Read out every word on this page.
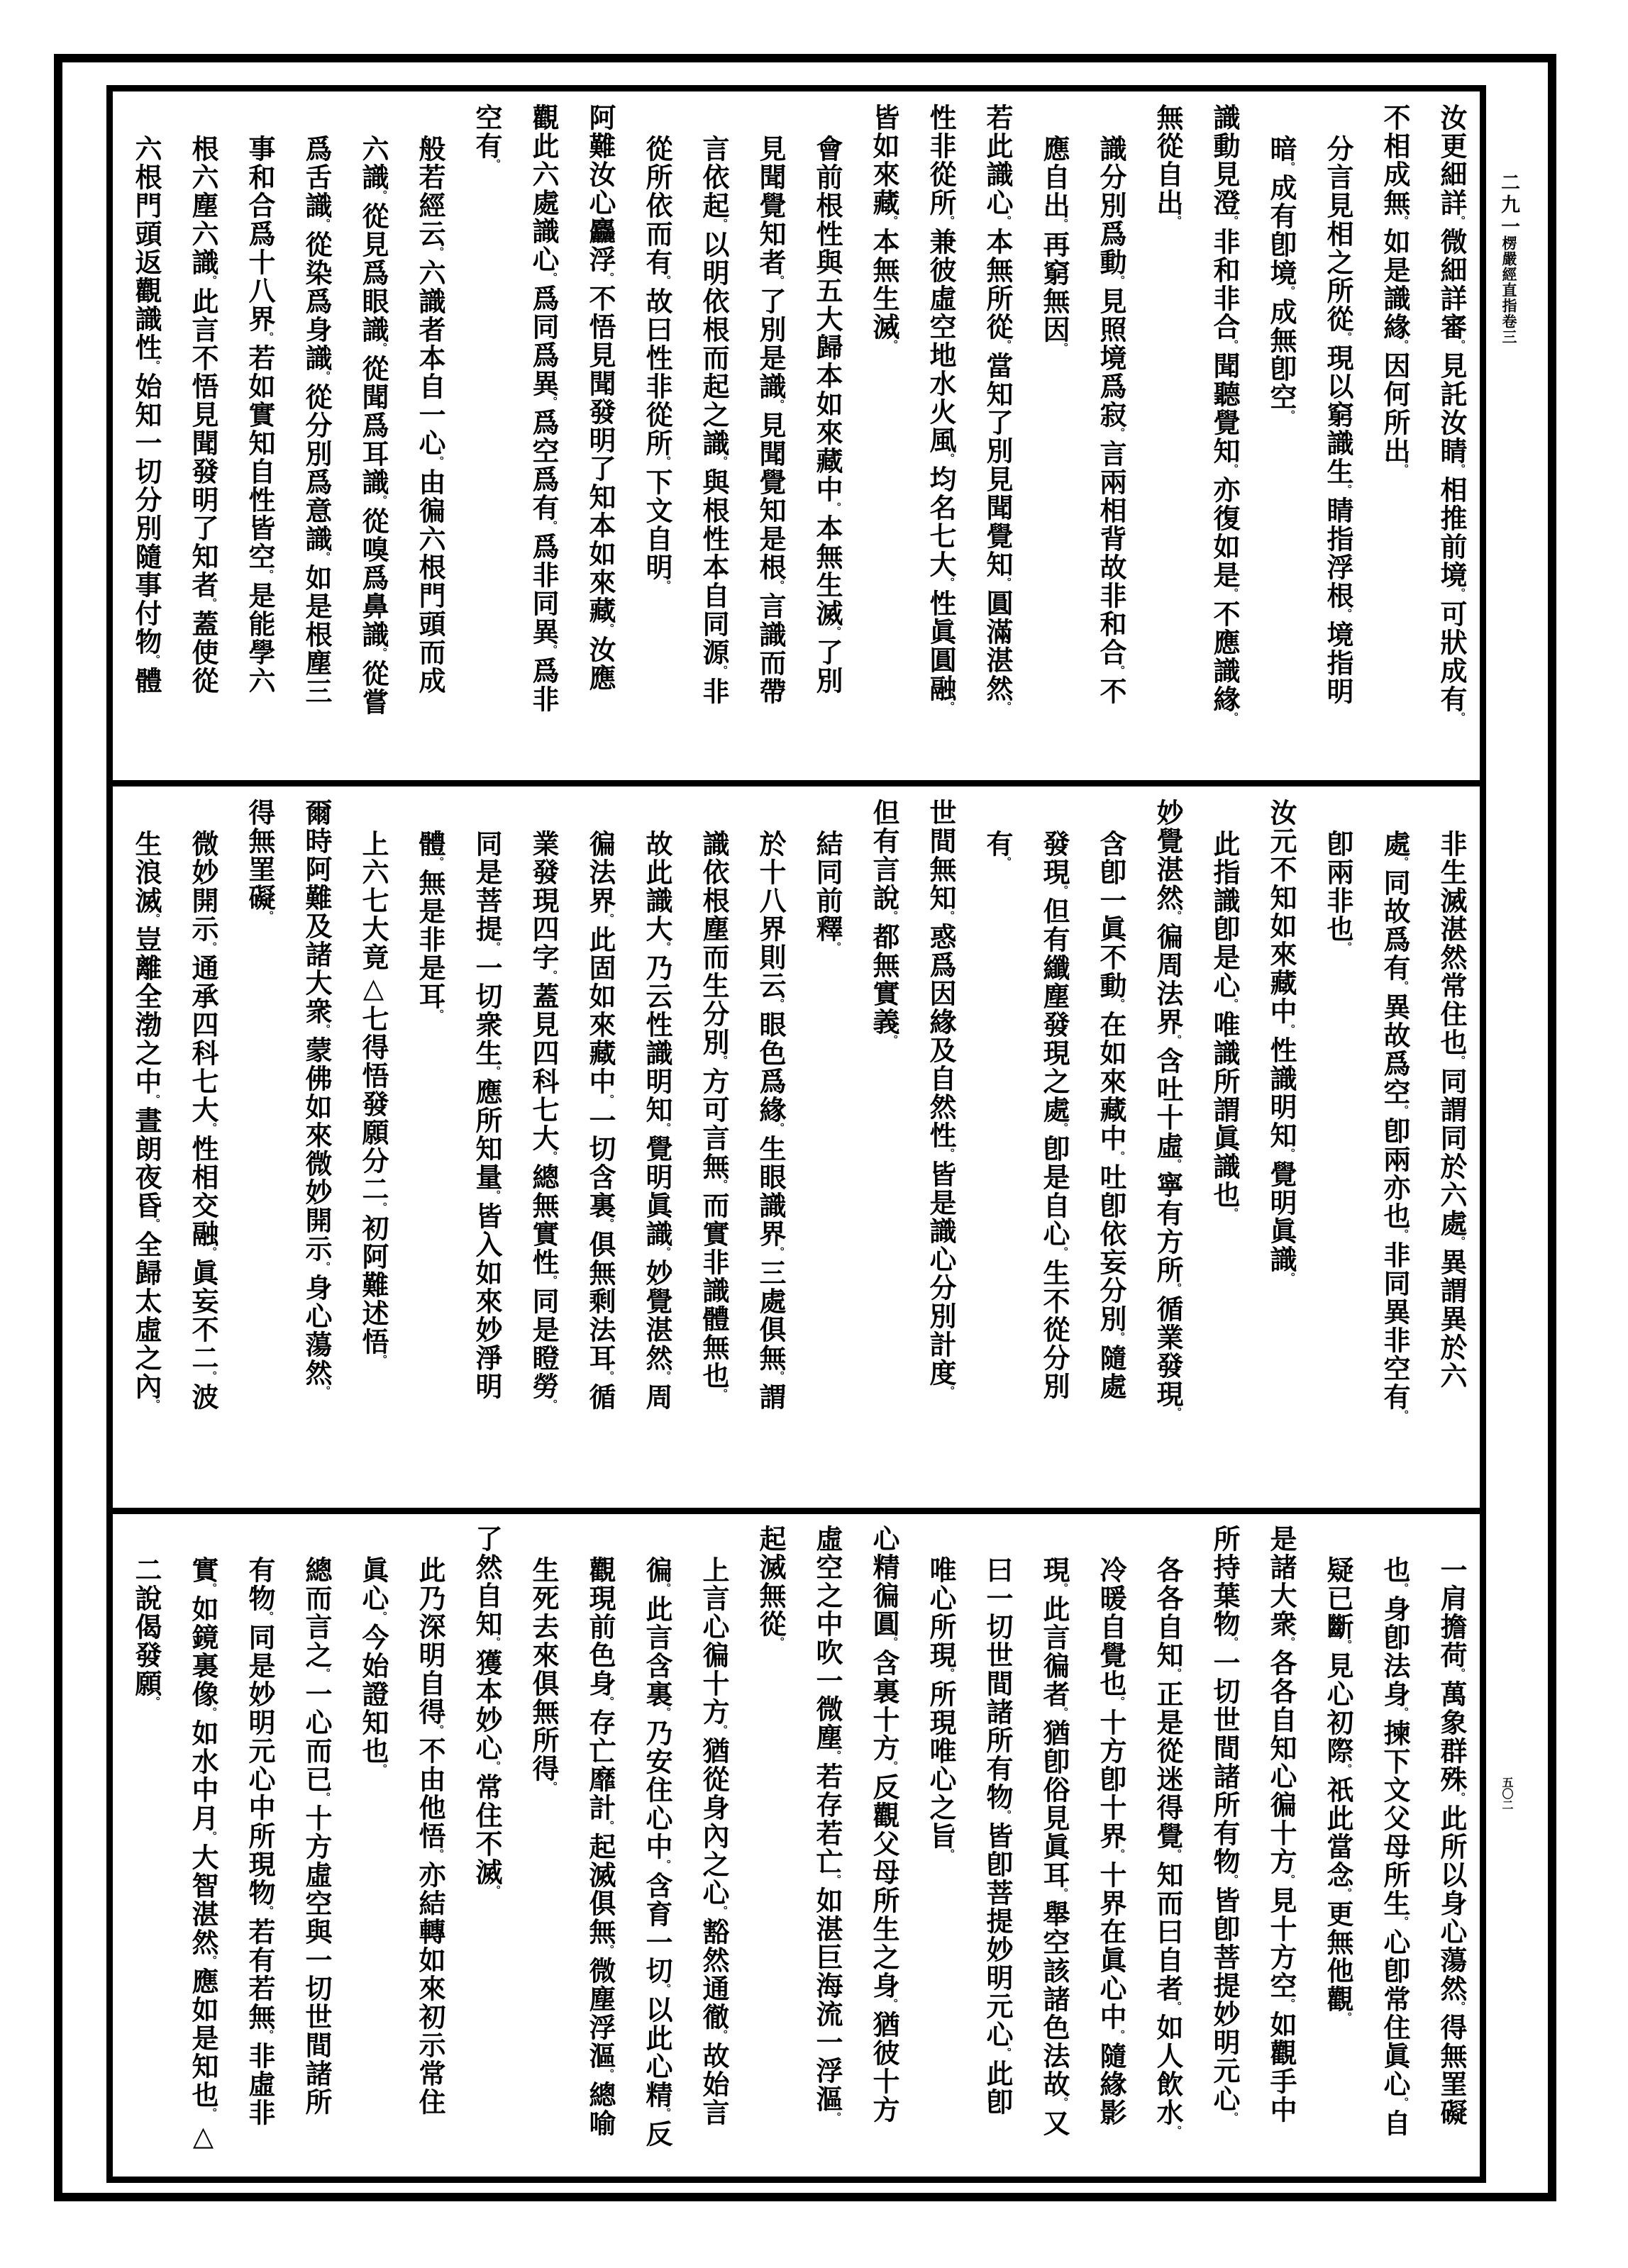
汝更細詳。微細詳審。見託汝睛。相推前境。可狀成有。
不相成無。如是識緣。因何所出。
分言見相之所從。現以窮識生。睛指浮根。境指明
暗。成有卽境。成無卽空。
識動見澄。非和非合。聞聽覺知。亦復如是。不應識緣。
無從自出。
識分別爲動。見照境爲寂。言兩相背故非和合。不
應自出。再窮無因。
若此識心。本無所從。當知了別見聞覺知。圓滿湛然。
性非從所。兼彼虛空地水火風。均名七大。性眞圓融。
皆如來藏。本無生滅。
會前根性與五大歸本如來藏中。本無生滅。了別
見聞覺知者。了別是識。見聞覺知是根。言識而帶
言依起。以明依根而起之識。與根性本自同源。非
從所依而有。故曰性非從所。下文自明。
阿難汝心麤浮。不悟見聞發明了知本如來藏。汝應
觀此六處識心。爲同爲異。爲空爲有。爲非同異。爲非
空有。
般若經云。六識者本自一心。由徧六根門頭而成
六識。從見爲眼識。從聞爲耳識。從嗅爲鼻識。從嘗
爲舌識。從染爲身識。從分別爲意識。如是根塵三
事和合爲十八界。若如實知自性皆空。是能學六
根六塵六識。此言不悟見聞發明了知者。蓋使從
六根門頭返觀識性。始知一切分別隨事付物。體
非生滅湛然常住也。同謂同於六處。異謂異於六
處。同故爲有。異故爲空。卽兩亦也。非同異非空有。
卽兩非也。
汝元不知如來藏中。性識明知。覺明眞識。
此指識卽是心。唯識所謂眞識也。
妙覺湛然。徧周法界。含吐十虛。寧有方所。循業發現。
含卽一眞不動。在如來藏中。吐卽依妄分別。隨處
發現。但有纖塵發現之處。卽是自心。生不從分別
有。
世間無知。惑爲因緣及自然性。皆是識心分別計度。
但有言說。都無實義。
結同前釋。
於十八界則云。眼色爲緣。生眼識界。三處俱無。謂
識依根塵而生分別。方可言無。而實非識體無也。
故此識大。乃云性識明知。覺明眞識。妙覺湛然。周
徧法界。此固如來藏中。一切含裏。俱無剩法耳。循
業發現四字。蓋見四科七大。總無實性。同是瞪勞。
同是菩提。一切衆生。應所知量。皆入如來妙淨明
體。無是非是耳。
上六七大竟△七得悟發願分二。初阿難述悟。
爾時阿難及諸大衆。蒙佛如來微妙開示。身心蕩然。
得無罣礙。
微妙開示。通承四科七大。性相交融。眞妄不二。波
生浪滅。豈離全渤之中。晝朗夜昏。全歸太虛之內。
一肩擔荷。萬象群殊。此所以身心蕩然。得無罣礙
也。身卽法身。揀下文父母所生。心卽常住眞心。自
疑已斷。見心初際。祇此當念。更無他觀。
是諸大衆。各各自知心徧十方。見十方空。如觀手中
所持葉物。一切世間諸所有物。皆卽菩提妙明元心。
各各自知。正是從迷得覺。知而曰自者。如人飲水。
冷暖自覺也。十方卽十界。十界在眞心中。隨緣影
現。此言徧者。猶卽俗見眞耳。舉空該諸色法故。又
曰一切世間諸所有物。皆卽菩提妙明元心。此卽
唯心所現。所現唯心之旨。
心精徧圓。含裏十方。反觀父母所生之身。猶彼十方
虛空之中吹一微塵。若存若亡。如湛巨海流一浮漚。
起滅無從。
上言心徧十方。猶從身內之心。豁然通徹。故始言
徧。此言含裏。乃安住心中。含育一切。以此心精。反
觀現前色身。存亡靡計。起滅俱無。微塵浮漚。總喻
生死去來俱無所得。
了然自知。獲本妙心。常住不滅。
此乃深明自得。不由他悟。亦結轉如來初示常住
眞心。今始證知也。
總而言之。一心而已。十方虛空與一切世間諸所
有物。同是妙明元心中所現物。若有若無。非虛非
實。如鏡裏像。如水中月。大智湛然。應如是知也。△
二說偈發願。
二九一
楞嚴經直指卷三
五〇二
